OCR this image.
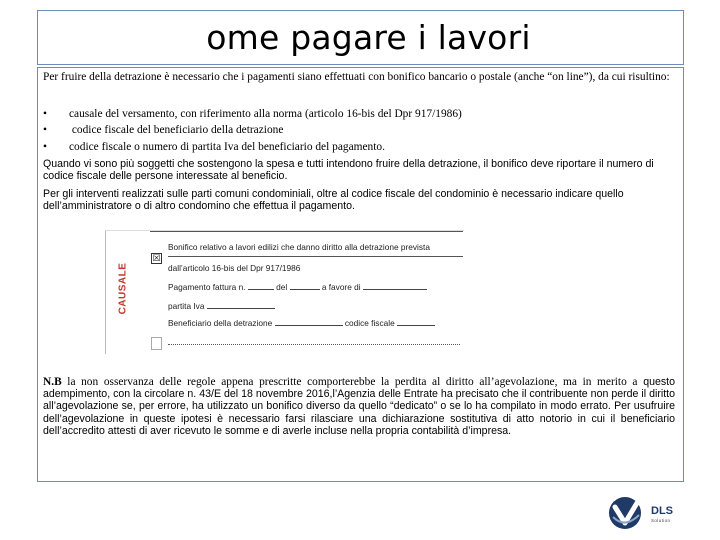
ome pagare i lavori

Per fruire della detrazione è necessario che i pagamenti siano effettuati con bonifico bancario o postale (anche “on line”), da cui risultino:

• causale del versamento, con riferimento alla norma (articolo 16-bis del Dpr 917/1986)
• codice fiscale del beneficiario della detrazione
• codice fiscale o numero di partita Iva del beneficiario del pagamento.

Quando vi sono più soggetti che sostengono la spesa e tutti intendono fruire della detrazione, il bonifico deve riportare il numero di codice fiscale delle persone interessate al beneficio.

Per gli interventi realizzati sulle parti comuni condominiali, oltre al codice fiscale del condominio è necessario indicare quello dell’amministratore o di altro condomino che effettua il pagamento.

CAUSALE
☒
Bonifico relativo a lavori edilizi che danno diritto alla detrazione prevista
dall’articolo 16-bis del Dpr 917/1986
Pagamento fattura n.	del	a favore di
partita Iva
Beneficiario della detrazione	codice fiscale

N.B la non osservanza delle regole appena prescritte comporterebbe la perdita al diritto all’agevolazione, ma in merito a questo adempimento, con la circolare n. 43/E del 18 novembre 2016,l’Agenzia delle Entrate ha precisato che il contribuente non perde il diritto all’agevolazione se, per errore, ha utilizzato un bonifico diverso da quello “dedicato” o se lo ha compilato in modo errato. Per usufruire dell’agevolazione in queste ipotesi è necessario farsi rilasciare una dichiarazione sostitutiva di atto notorio in cui il beneficiario dell’accredito attesti di aver ricevuto le somme e di averle incluse nella propria contabilità d’impresa.

DLS
Solution
